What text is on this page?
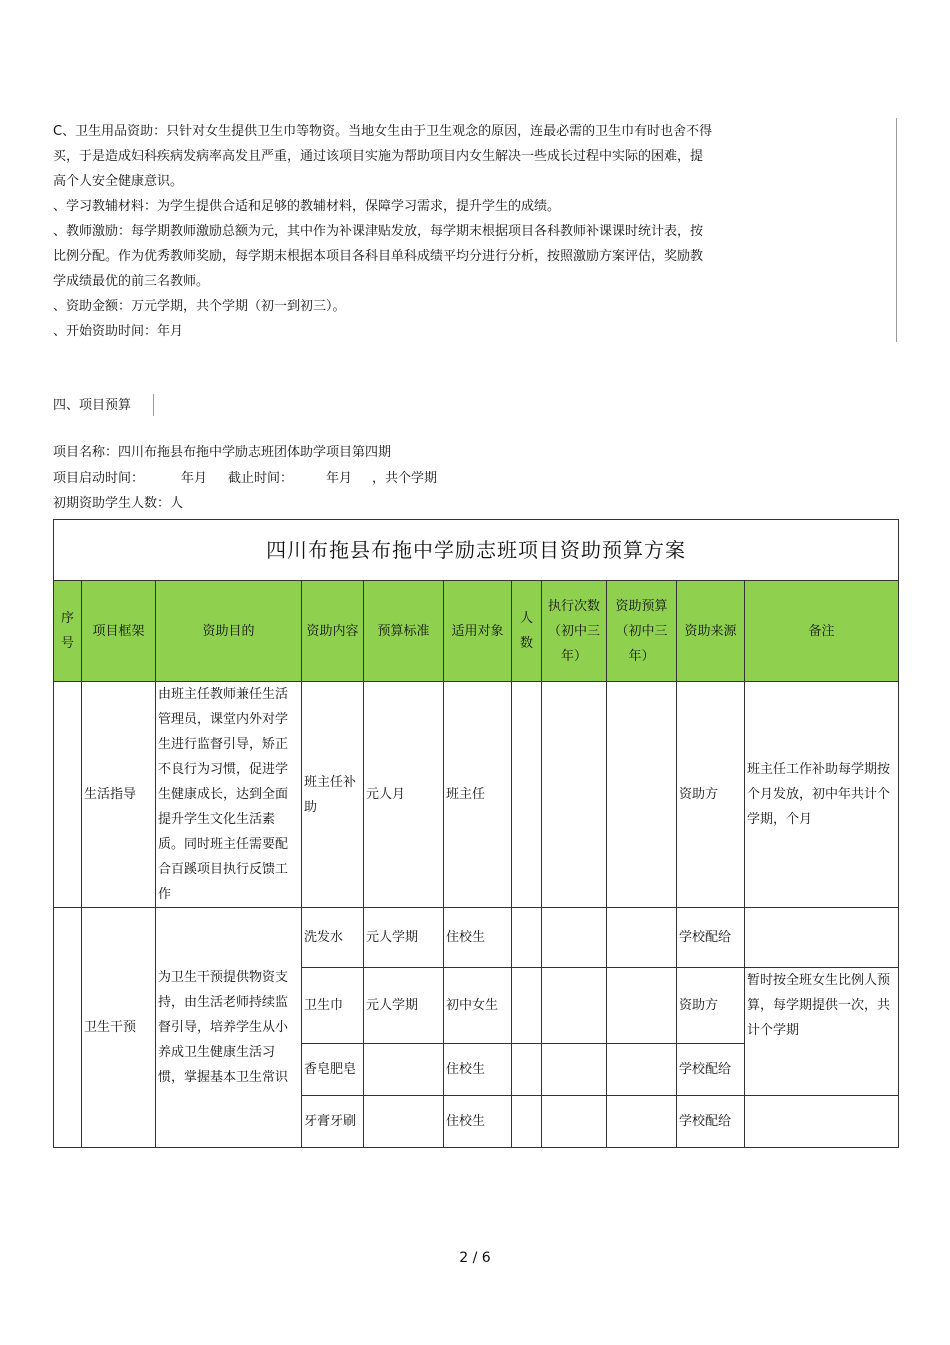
C、卫生用品资助：只针对女生提供卫生巾等物资。当地女生由于卫生观念的原因，连最必需的卫生巾有时也舍不得
买，于是造成妇科疾病发病率高发且严重，通过该项目实施为帮助项目内女生解决一些成长过程中实际的困难，提
高个人安全健康意识。
、学习教辅材料：为学生提供合适和足够的教辅材料，保障学习需求，提升学生的成绩。
、教师激励：每学期教师激励总额为元，其中作为补课津贴发放，每学期末根据项目各科教师补课课时统计表，按
比例分配。作为优秀教师奖励，每学期末根据本项目各科目单科成绩平均分进行分析，按照激励方案评估，奖励教
学成绩最优的前三名教师。
、资助金额：万元学期，共个学期（初一到初三）。
、开始资助时间：年月
四、项目预算
项目名称：四川布拖县布拖中学励志班团体助学项目第四期
项目启动时间：	年月 截止时间：	年月 ，共个学期
初期资助学生人数：人
四川布拖县布拖中学励志班项目资助预算方案										
序号	项目框架	资助目的	资助内容	预算标准	适用对象	人数	执行次数（初中三年）	资助预算（初中三年）	资助来源	备注
	生活指导	由班主任教师兼任生活管理员，课堂内外对学生进行监督引导，矫正不良行为习惯，促进学生健康成长，达到全面提升学生文化生活素质。同时班主任需要配合百蹊项目执行反馈工作	班主任补助	元人月	班主任				资助方	班主任工作补助每学期按个月发放，初中年共计个学期，个月
	卫生干预	为卫生干预提供物资支持，由生活老师持续监督引导，培养学生从小养成卫生健康生活习惯，掌握基本卫生常识	洗发水	元人学期	住校生				学校配给	
			卫生巾	元人学期	初中女生				资助方	暂时按全班女生比例人预算，每学期提供一次，共计个学期
			香皂肥皂		住校生				学校配给	
			牙膏牙刷		住校生				学校配给	
2 / 6
